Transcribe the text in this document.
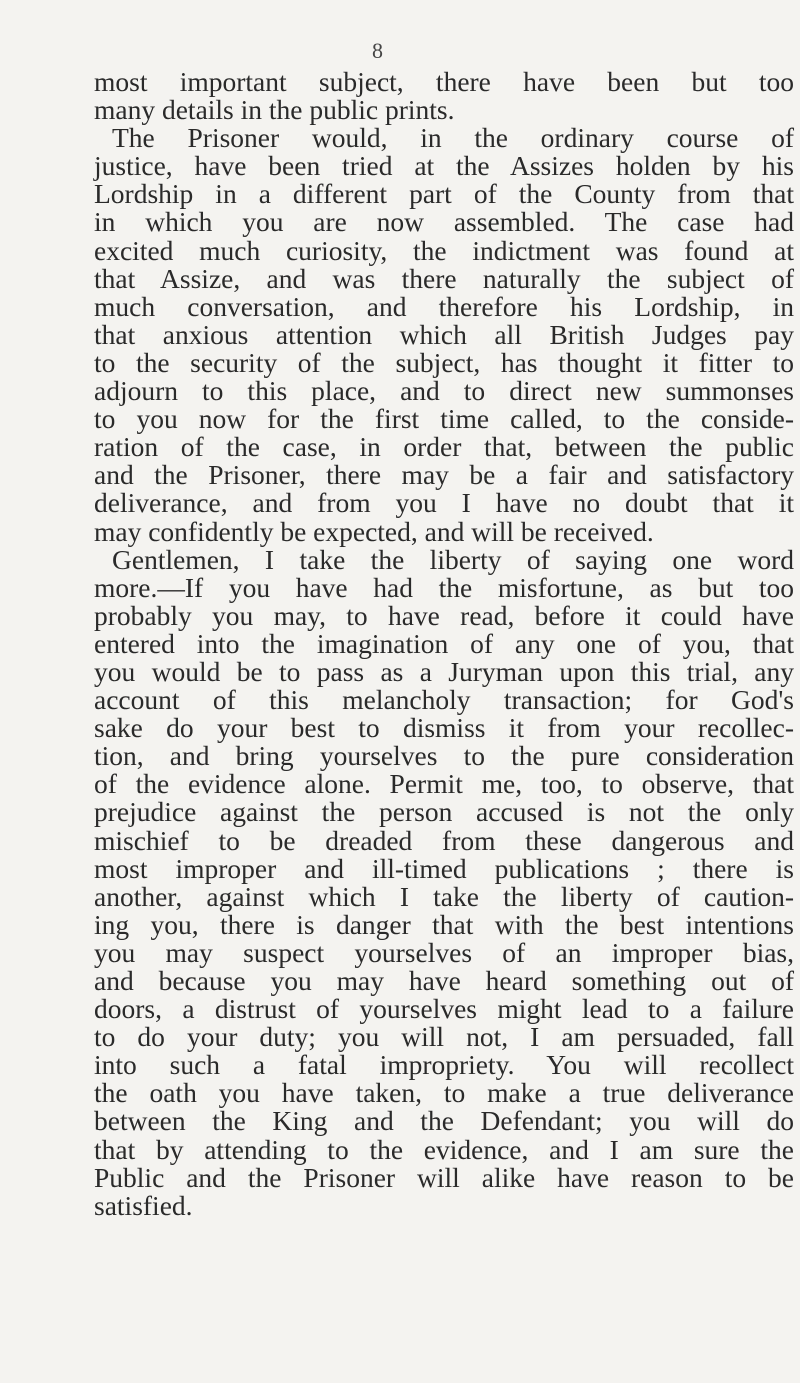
8
most important subject, there have been but too
many details in the public prints.
The Prisoner would, in the ordinary course of
justice, have been tried at the Assizes holden by his
Lordship in a different part of the County from that
in which you are now assembled. The case had
excited much curiosity, the indictment was found at
that Assize, and was there naturally the subject of
much conversation, and therefore his Lordship, in
that anxious attention which all British Judges pay
to the security of the subject, has thought it fitter to
adjourn to this place, and to direct new summonses
to you now for the first time called, to the conside-
ration of the case, in order that, between the public
and the Prisoner, there may be a fair and satisfactory
deliverance, and from you I have no doubt that it
may confidently be expected, and will be received.
Gentlemen, I take the liberty of saying one word
more.—If you have had the misfortune, as but too
probably you may, to have read, before it could have
entered into the imagination of any one of you, that
you would be to pass as a Juryman upon this trial, any
account of this melancholy transaction; for God's
sake do your best to dismiss it from your recollec-
tion, and bring yourselves to the pure consideration
of the evidence alone. Permit me, too, to observe, that
prejudice against the person accused is not the only
mischief to be dreaded from these dangerous and
most improper and ill-timed publications ; there is
another, against which I take the liberty of caution-
ing you, there is danger that with the best intentions
you may suspect yourselves of an improper bias,
and because you may have heard something out of
doors, a distrust of yourselves might lead to a failure
to do your duty; you will not, I am persuaded, fall
into such a fatal impropriety. You will recollect
the oath you have taken, to make a true deliverance
between the King and the Defendant; you will do
that by attending to the evidence, and I am sure the
Public and the Prisoner will alike have reason to be
satisfied.
